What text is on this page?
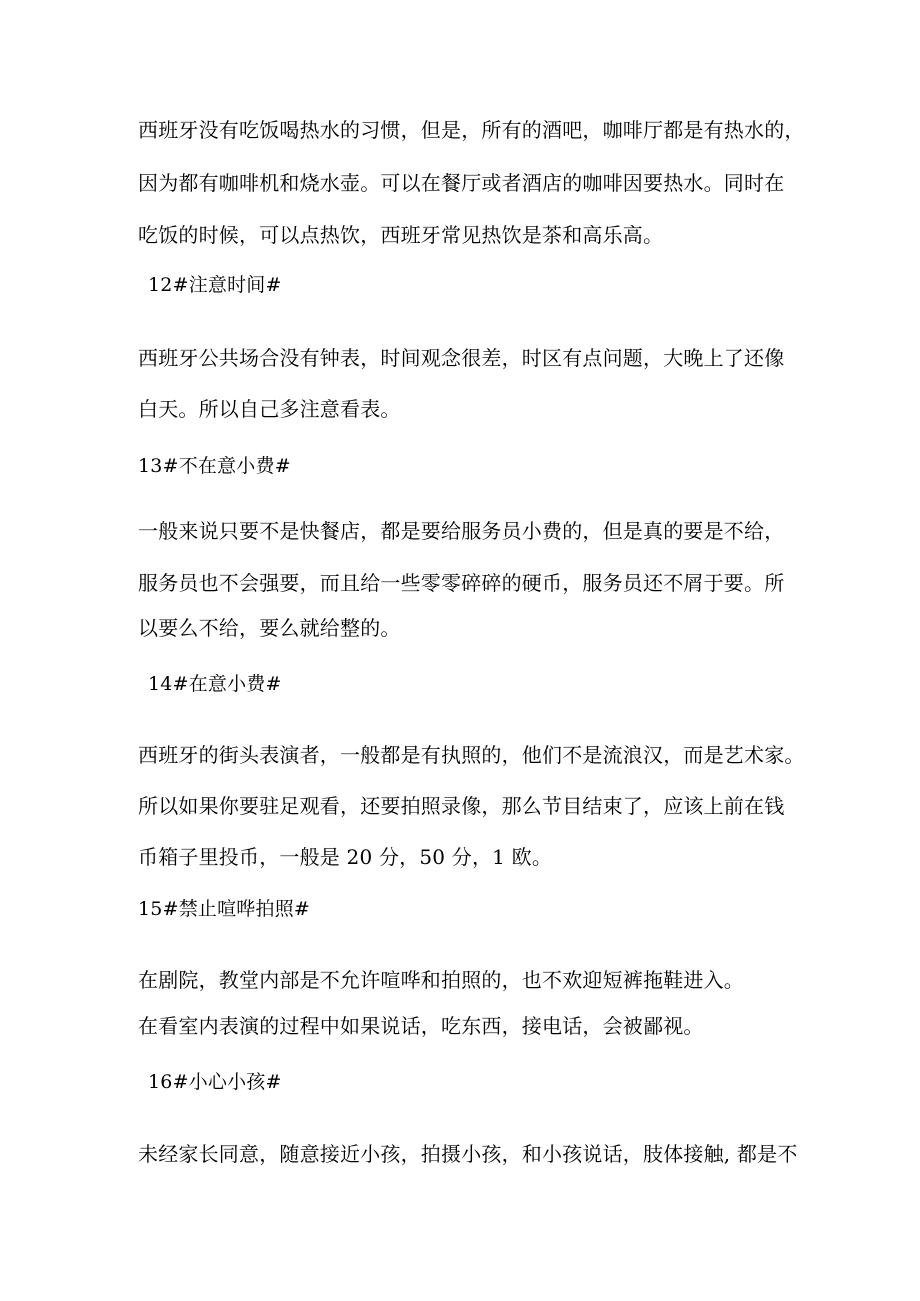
西班牙没有吃饭喝热水的习惯，但是，所有的酒吧，咖啡厅都是有热水的，
因为都有咖啡机和烧水壶。可以在餐厅或者酒店的咖啡因要热水。同时在
吃饭的时候，可以点热饮，西班牙常见热饮是茶和高乐高。
12#注意时间#
西班牙公共场合没有钟表，时间观念很差，时区有点问题，大晚上了还像
白天。所以自己多注意看表。
13#不在意小费#
一般来说只要不是快餐店，都是要给服务员小费的，但是真的要是不给，
服务员也不会强要，而且给一些零零碎碎的硬币，服务员还不屑于要。所
以要么不给，要么就给整的。
14#在意小费#
西班牙的街头表演者，一般都是有执照的，他们不是流浪汉，而是艺术家。
所以如果你要驻足观看，还要拍照录像，那么节目结束了，应该上前在钱
币箱子里投币，一般是 20 分，50 分，1 欧。
15#禁止喧哗拍照#
在剧院，教堂内部是不允许喧哗和拍照的，也不欢迎短裤拖鞋进入。
在看室内表演的过程中如果说话，吃东西，接电话，会被鄙视。
16#小心小孩#
未经家长同意，随意接近小孩，拍摄小孩，和小孩说话，肢体接触, 都是不
